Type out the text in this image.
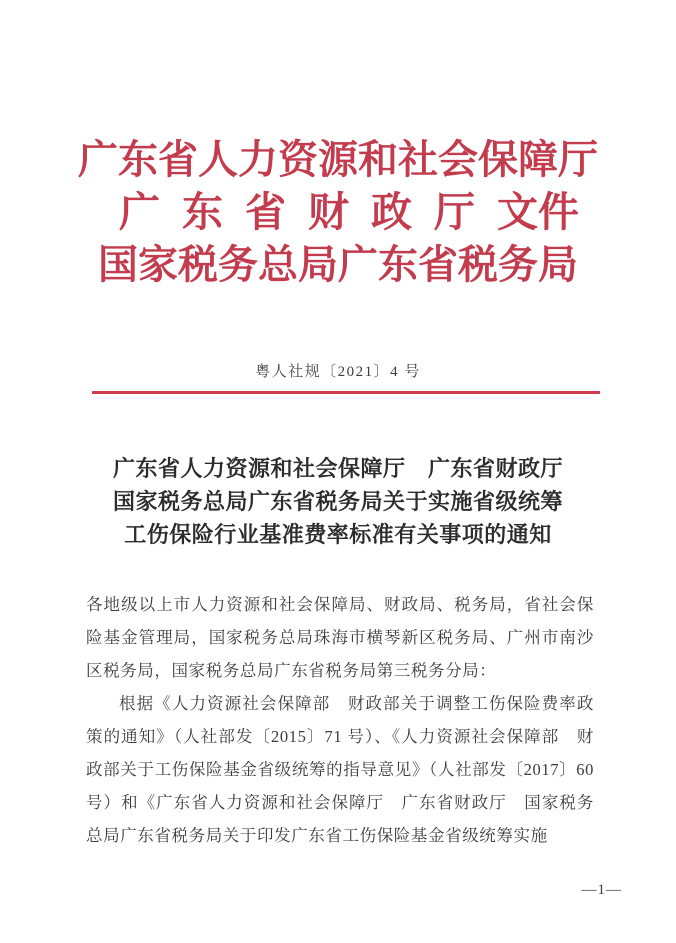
广东省人力资源和社会保障厅
广东省财政厅文件
国家税务总局广东省税务局
粤人社规〔2021〕4 号
广东省人力资源和社会保障厅　广东省财政厅
国家税务总局广东省税务局关于实施省级统筹
工伤保险行业基准费率标准有关事项的通知

各地级以上市人力资源和社会保障局、财政局、税务局，省社会保险基金管理局，国家税务总局珠海市横琴新区税务局、广州市南沙区税务局，国家税务总局广东省税务局第三税务分局：

根据《人力资源社会保障部　财政部关于调整工伤保险费率政策的通知》（人社部发〔2015〕71 号）、《人力资源社会保障部　财政部关于工伤保险基金省级统筹的指导意见》（人社部发〔2017〕60 号）和《广东省人力资源和社会保障厅　广东省财政厅　国家税务总局广东省税务局关于印发广东省工伤保险基金省级统筹实施

—1—
